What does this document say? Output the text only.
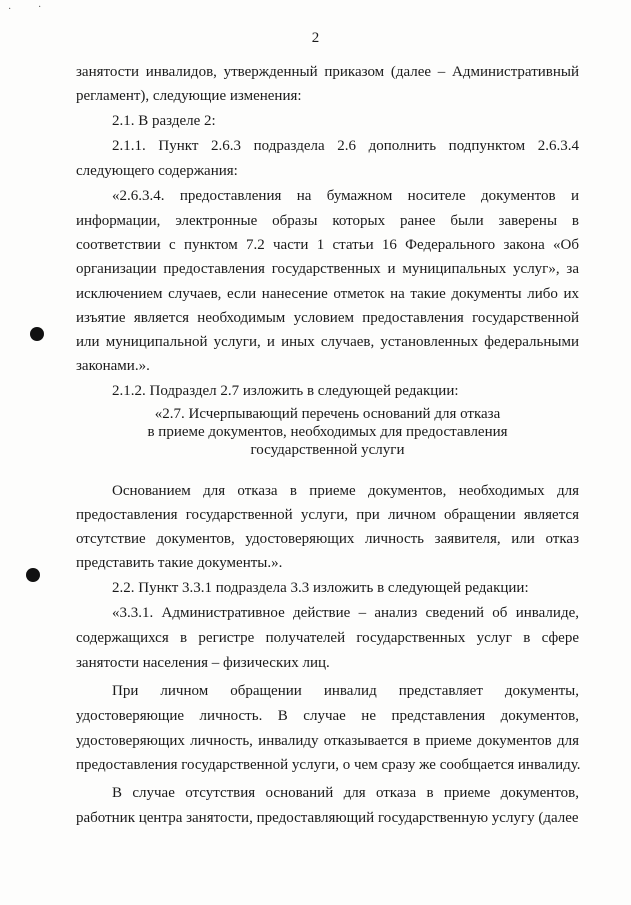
·	·
2
занятости инвалидов, утвержденный приказом (далее – Административный
регламент), следующие изменения:
2.1. В разделе 2:
2.1.1. Пункт 2.6.3 подраздела 2.6 дополнить подпунктом 2.6.3.4
следующего содержания:
«2.6.3.4. предоставления на бумажном носителе документов и
информации, электронные образы которых ранее были заверены в
соответствии с пунктом 7.2 части 1 статьи 16 Федерального закона «Об
организации предоставления государственных и муниципальных услуг», за
исключением случаев, если нанесение отметок на такие документы либо их
изъятие является необходимым условием предоставления государственной
или муниципальной услуги, и иных случаев, установленных федеральными
законами.».
2.1.2. Подраздел 2.7 изложить в следующей редакции:
«2.7. Исчерпывающий перечень оснований для отказа
в приеме документов, необходимых для предоставления
государственной услуги
Основанием для отказа в приеме документов, необходимых для
предоставления государственной услуги, при личном обращении является
отсутствие документов, удостоверяющих личность заявителя, или отказ
представить такие документы.».
2.2. Пункт 3.3.1 подраздела 3.3 изложить в следующей редакции:
«3.3.1. Административное действие – анализ сведений об инвалиде,
содержащихся в регистре получателей государственных услуг в сфере
занятости населения – физических лиц.
При личном обращении инвалид представляет документы,
удостоверяющие личность. В случае не представления документов,
удостоверяющих личность, инвалиду отказывается в приеме документов для
предоставления государственной услуги, о чем сразу же сообщается инвалиду.
В случае отсутствия оснований для отказа в приеме документов,
работник центра занятости, предоставляющий государственную услугу (далее
